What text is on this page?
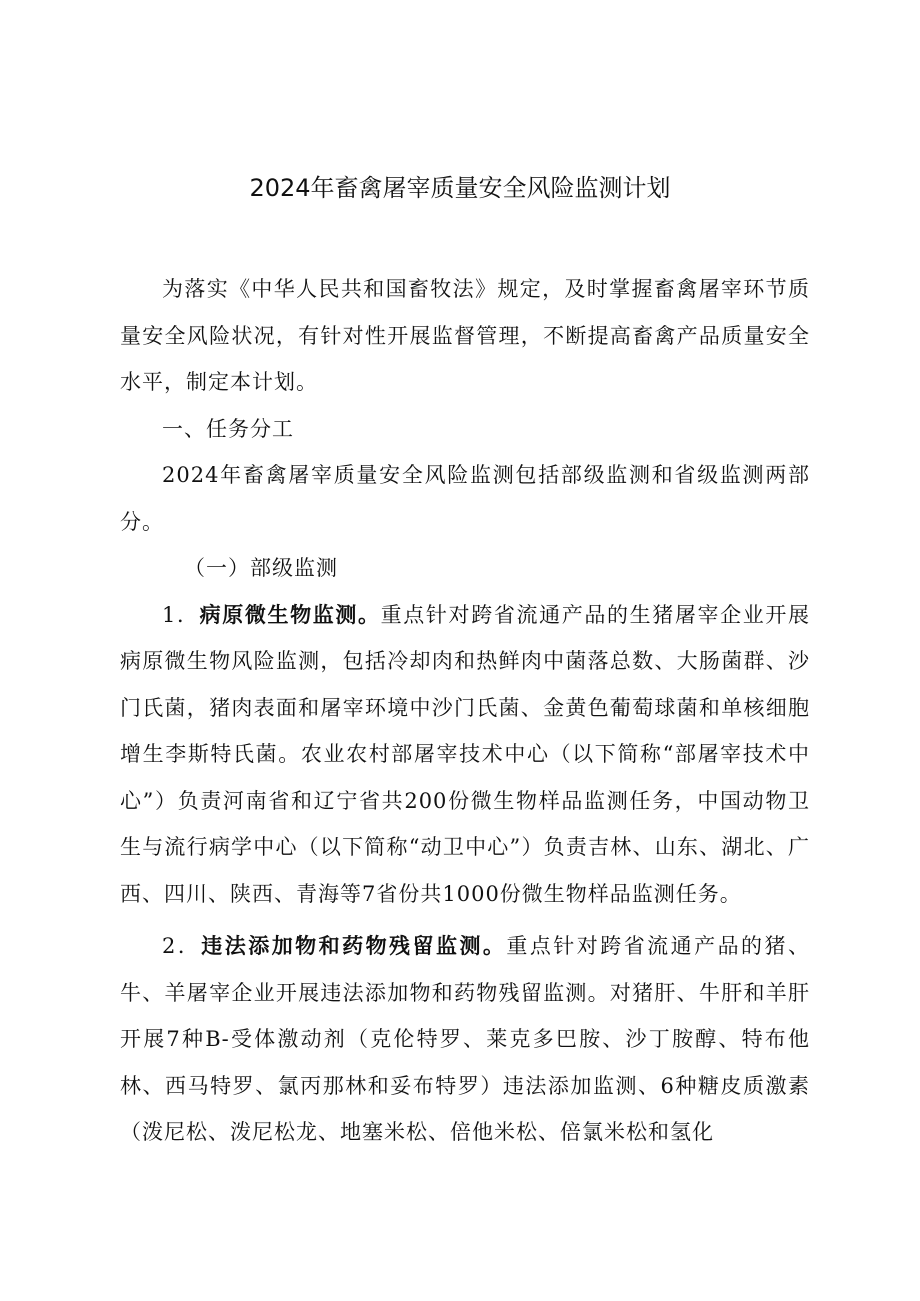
2024年畜禽屠宰质量安全风险监测计划

为落实《中华人民共和国畜牧法》规定，及时掌握畜禽屠宰环节质量安全风险状况，有针对性开展监督管理，不断提高畜禽产品质量安全水平，制定本计划。

一、任务分工

2024年畜禽屠宰质量安全风险监测包括部级监测和省级监测两部分。

（一）部级监测

1．病原微生物监测。重点针对跨省流通产品的生猪屠宰企业开展病原微生物风险监测，包括冷却肉和热鲜肉中菌落总数、大肠菌群、沙门氏菌，猪肉表面和屠宰环境中沙门氏菌、金黄色葡萄球菌和单核细胞增生李斯特氏菌。农业农村部屠宰技术中心（以下简称“部屠宰技术中心”）负责河南省和辽宁省共200份微生物样品监测任务，中国动物卫生与流行病学中心（以下简称“动卫中心”）负责吉林、山东、湖北、广西、四川、陕西、青海等7省份共1000份微生物样品监测任务。

2．违法添加物和药物残留监测。重点针对跨省流通产品的猪、牛、羊屠宰企业开展违法添加物和药物残留监测。对猪肝、牛肝和羊肝开展7种Β-受体激动剂（克伦特罗、莱克多巴胺、沙丁胺醇、特布他林、西马特罗、氯丙那林和妥布特罗）违法添加监测、6种糖皮质激素（泼尼松、泼尼松龙、地塞米松、倍他米松、倍氯米松和氢化
